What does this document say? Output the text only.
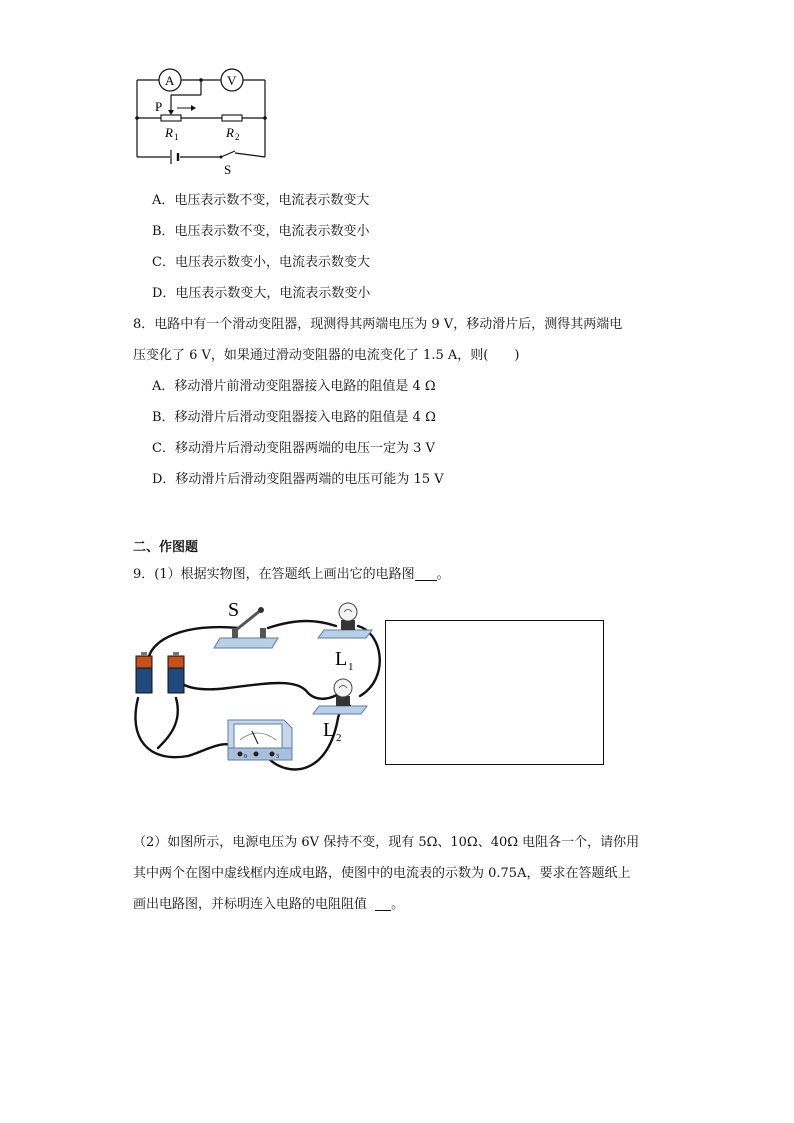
A	V
P
R 1	R 2
S
A．电压表示数不变，电流表示数变大
B．电压表示数不变，电流表示数变小
C．电压表示数变小，电流表示数变大
D．电压表示数变大，电流表示数变小
8．电路中有一个滑动变阻器，现测得其两端电压为 9 V，移动滑片后，测得其两端电
压变化了 6 V，如果通过滑动变阻器的电流变化了 1.5 A，则(　　)
A．移动滑片前滑动变阻器接入电路的阻值是 4 Ω
B．移动滑片后滑动变阻器接入电路的阻值是 4 Ω
C．移动滑片后滑动变阻器两端的电压一定为 3 V
D．移动滑片后滑动变阻器两端的电压可能为 15 V
二、作图题
9．(1）根据实物图，在答题纸上画出它的电路图 。
0	3
S
L 1
L 2
（2）如图所示，电源电压为 6V 保持不变，现有 5Ω、10Ω、40Ω 电阻各一个，请你用
其中两个在图中虚线框内连成电路，使图中的电流表的示数为 0.75A，要求在答题纸上
画出电路图，并标明连入电路的电阻阻值 。
